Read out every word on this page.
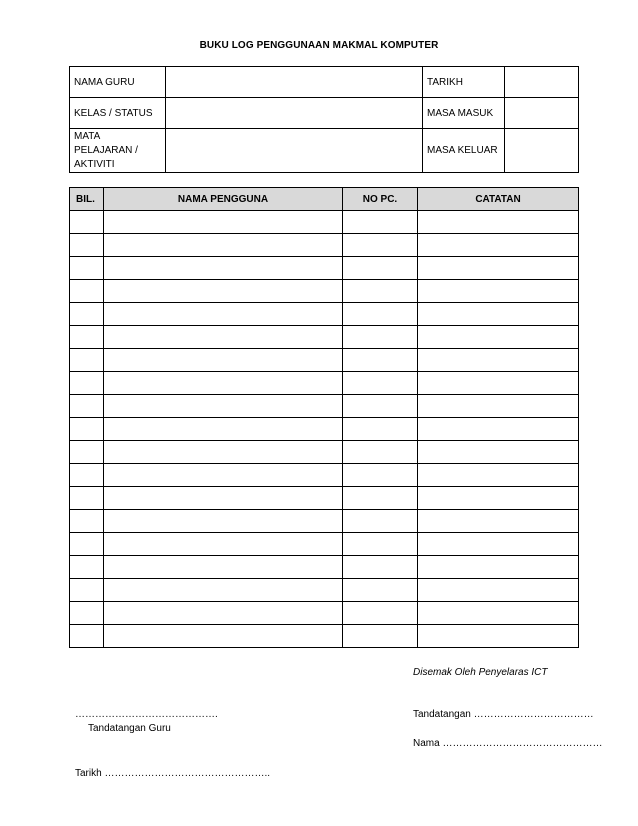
BUKU LOG PENGGUNAAN MAKMAL KOMPUTER
NAMA GURU		TARIKH	
KELAS / STATUS		MASA MASUK	

MATA
PELAJARAN /
AKTIVITI		MASA KELUAR	
BIL.	NAMA PENGGUNA	NO PC.	CATATAN

Disemak Oleh Penyelaras ICT
…………………………………….
Tandatangan Guru
Tandatangan ………………………………
Nama …………………………………………
Tarikh …………………………………………..
